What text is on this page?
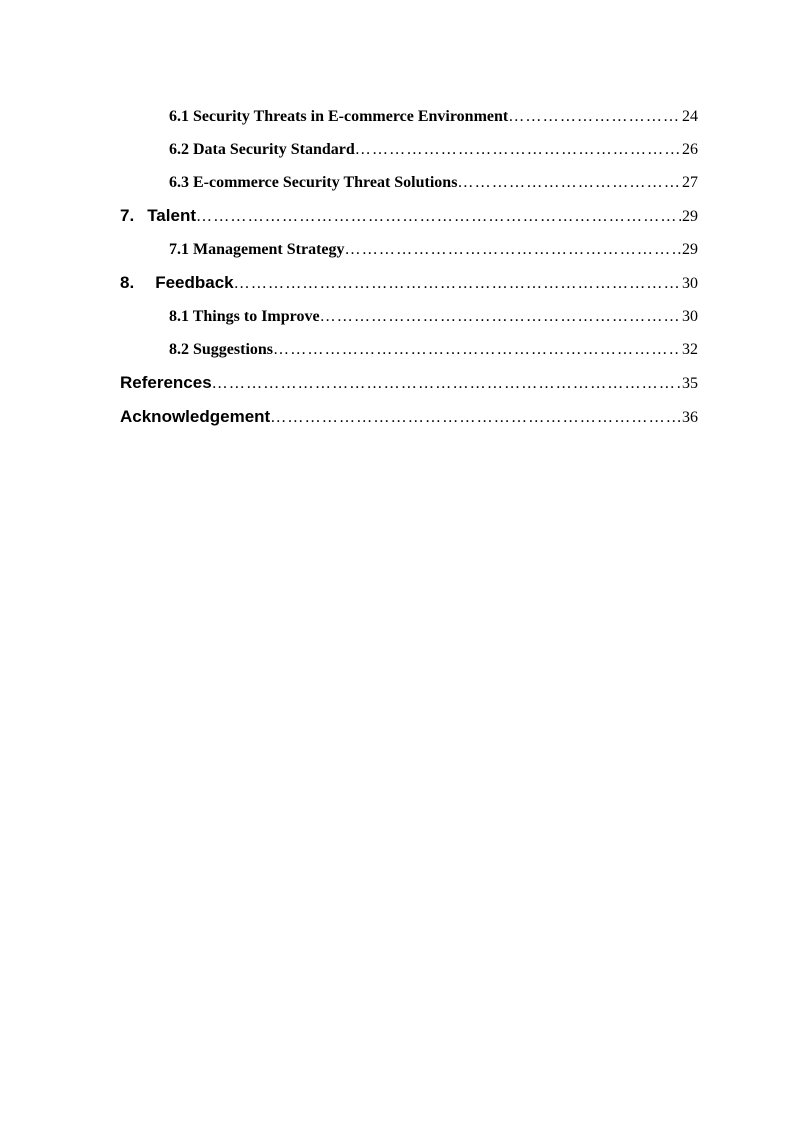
6.1 Security Threats in E-commerce Environment …………………………………………………………………………………………………………………………………………………………………………	24
6.2 Data Security Standard …………………………………………………………………………………………………………………………………………………………………………	26
6.3 E-commerce Security Threat Solutions …………………………………………………………………………………………………………………………………………………………………………	27
7. Talent …………………………………………………………………………………………………………………………………………………………………………	29
7.1 Management Strategy …………………………………………………………………………………………………………………………………………………………………………	29
8. Feedback …………………………………………………………………………………………………………………………………………………………………………	30
8.1 Things to Improve …………………………………………………………………………………………………………………………………………………………………………	30
8.2 Suggestions …………………………………………………………………………………………………………………………………………………………………………	32
References …………………………………………………………………………………………………………………………………………………………………………	35
Acknowledgement …………………………………………………………………………………………………………………………………………………………………………	36
